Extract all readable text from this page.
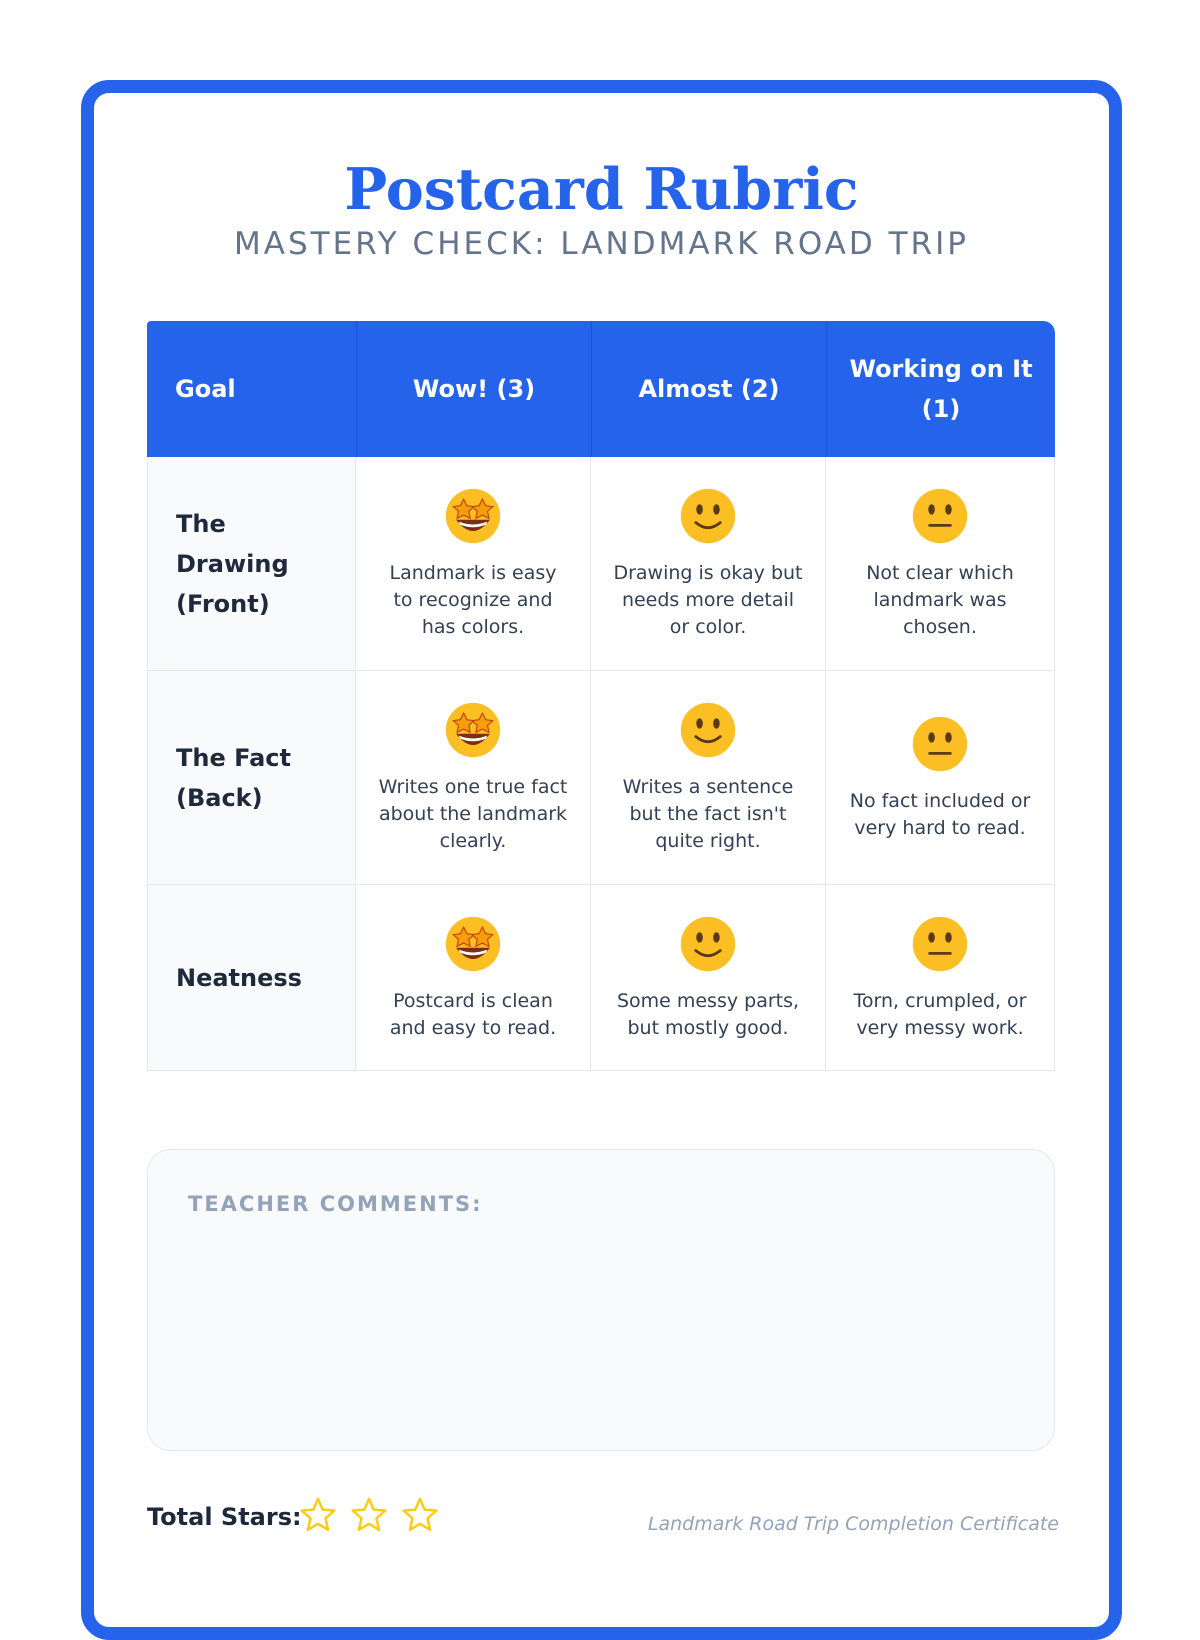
Postcard Rubric
MASTERY CHECK: LANDMARK ROAD TRIP
Goal	Wow! (3)	Almost (2)	Working on It (1)

The Drawing (Front)	Landmark is easy to recognize and has colors.	Drawing is okay but needs more detail or color.	Not clear which landmark was chosen.

The Fact (Back)	Writes one true fact about the landmark clearly.	Writes a sentence but the fact isn't quite right.	No fact included or very hard to read.

Neatness	Postcard is clean and easy to read.	Some messy parts, but mostly good.	Torn, crumpled, or very messy work.
TEACHER COMMENTS:
Total Stars:
	Landmark Road Trip Completion Certificate
